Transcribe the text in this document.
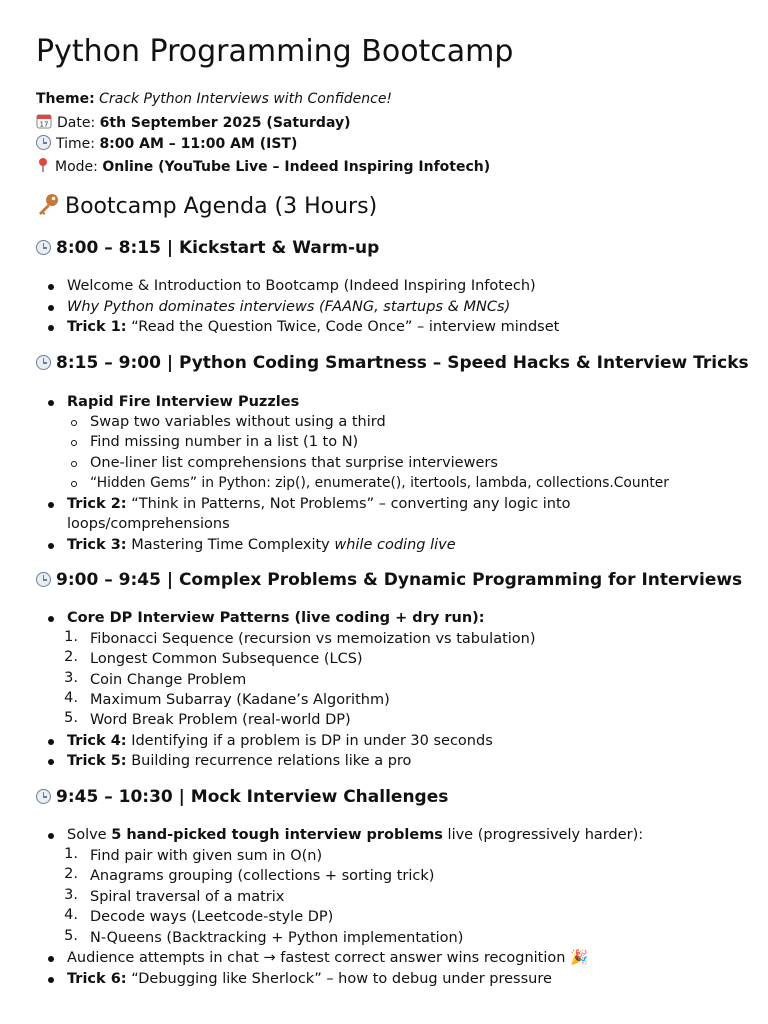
Python Programming Bootcamp
Theme: Crack Python Interviews with Confidence!
17 Date: 6th September 2025 (Saturday)
Time: 8:00 AM – 11:00 AM (IST)
Mode: Online (YouTube Live – Indeed Inspiring Infotech)
Bootcamp Agenda (3 Hours)
8:00 – 8:15 | Kickstart & Warm-up
Welcome & Introduction to Bootcamp (Indeed Inspiring Infotech)
Why Python dominates interviews (FAANG, startups & MNCs)
Trick 1: “Read the Question Twice, Code Once” – interview mindset
8:15 – 9:00 | Python Coding Smartness – Speed Hacks & Interview Tricks
Rapid Fire Interview Puzzles
Swap two variables without using a third
Find missing number in a list (1 to N)
One-liner list comprehensions that surprise interviewers
“Hidden Gems” in Python: zip(), enumerate(), itertools, lambda, collections.Counter
Trick 2: “Think in Patterns, Not Problems” – converting any logic into
loops/comprehensions
Trick 3: Mastering Time Complexity while coding live
9:00 – 9:45 | Complex Problems & Dynamic Programming for Interviews
Core DP Interview Patterns (live coding + dry run):
1. Fibonacci Sequence (recursion vs memoization vs tabulation)
2. Longest Common Subsequence (LCS)
3. Coin Change Problem
4. Maximum Subarray (Kadane’s Algorithm)
5. Word Break Problem (real-world DP)
Trick 4: Identifying if a problem is DP in under 30 seconds
Trick 5: Building recurrence relations like a pro
9:45 – 10:30 | Mock Interview Challenges
Solve 5 hand-picked tough interview problems live (progressively harder):
1. Find pair with given sum in O(n)
2. Anagrams grouping (collections + sorting trick)
3. Spiral traversal of a matrix
4. Decode ways (Leetcode-style DP)
5. N-Queens (Backtracking + Python implementation)
Audience attempts in chat → fastest correct answer wins recognition 🎉
Trick 6: “Debugging like Sherlock” – how to debug under pressure
